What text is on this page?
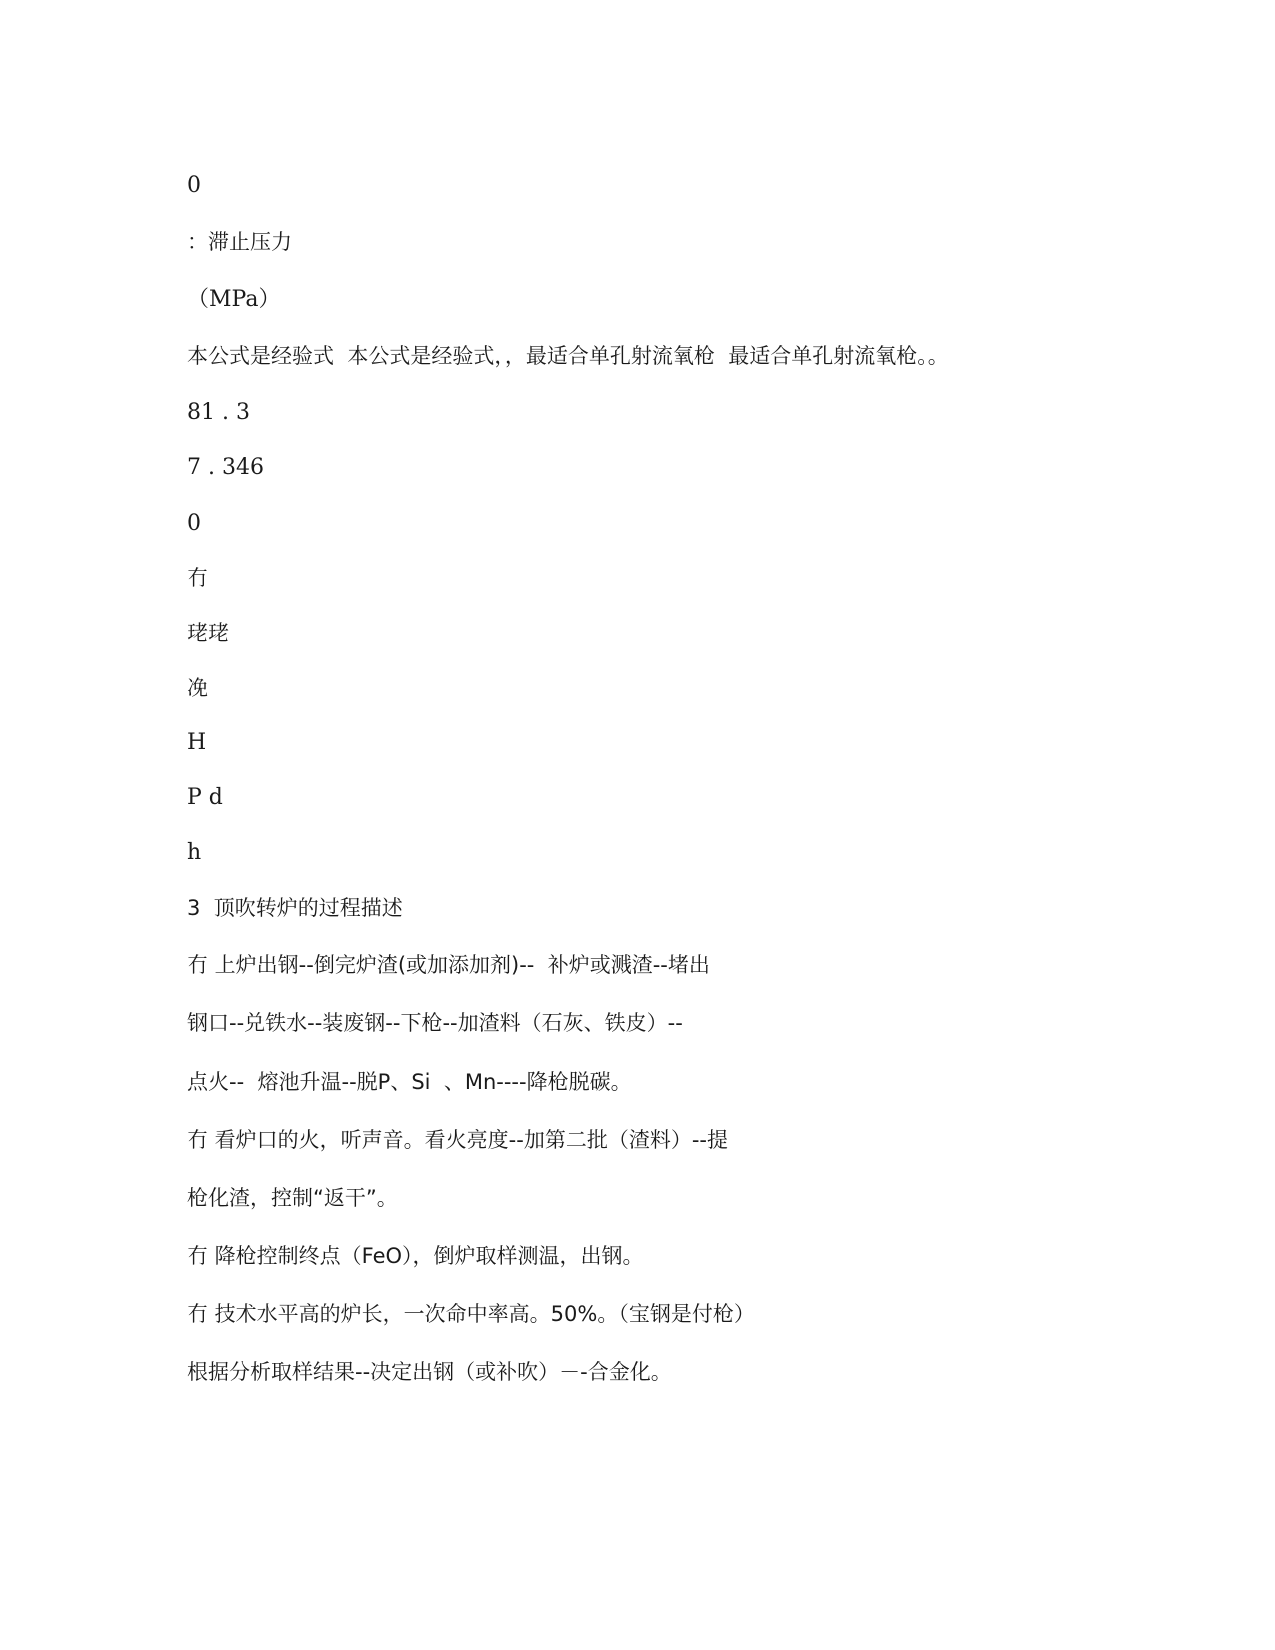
0
：滞止压力
（MPa）
本公式是经验式  本公式是经验式，，最适合单孔射流氧枪  最适合单孔射流氧枪。。
81 . 3
7 . 346
0
冇
珯珯
凂
H
P d
h
3  顶吹转炉的过程描述
冇 上炉出钢--倒完炉渣(或加添加剂)--  补炉或溅渣--堵出
钢口--兑铁水--装废钢--下枪--加渣料（石灰、铁皮）--
点火--  熔池升温--脱P、Si  、Mn----降枪脱碳。
冇 看炉口的火，听声音。看火亮度--加第二批（渣料）--提
枪化渣，控制“返干”。
冇 降枪控制终点（FeO），倒炉取样测温，出钢。
冇 技术水平高的炉长，一次命中率高。50%。（宝钢是付枪）
根据分析取样结果--决定出钢（或补吹）－-合金化。
